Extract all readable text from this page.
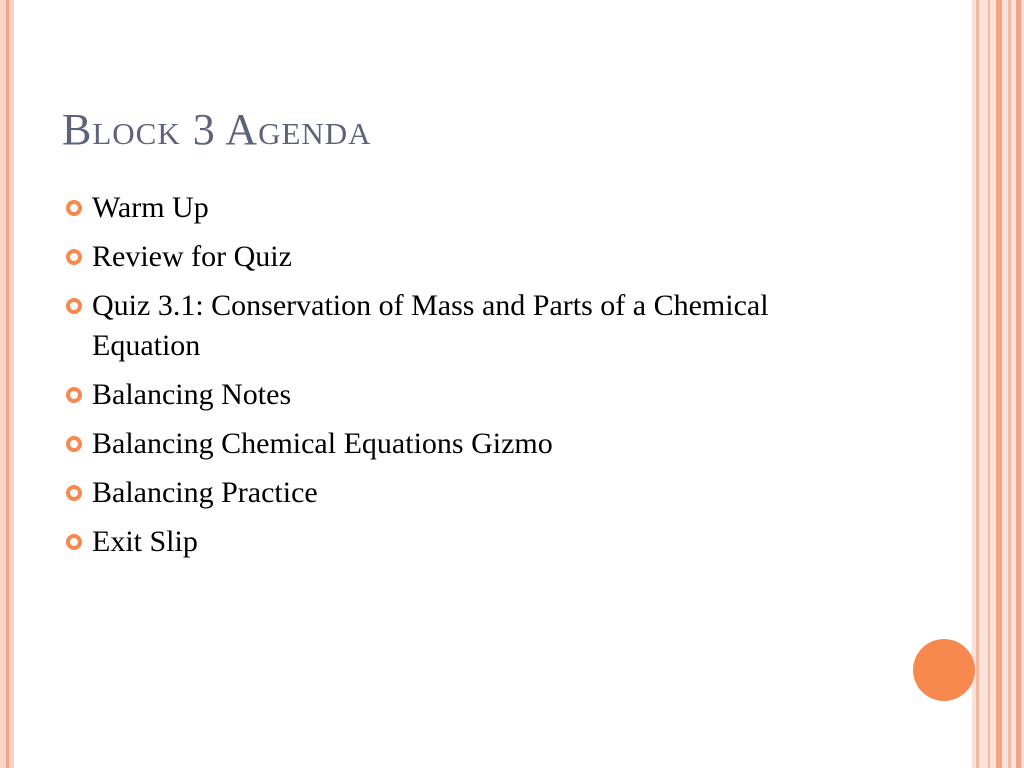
Block 3 Agenda
Warm Up
Review for Quiz
Quiz 3.1: Conservation of Mass and Parts of a Chemical Equation
Balancing Notes
Balancing Chemical Equations Gizmo
Balancing Practice
Exit Slip
